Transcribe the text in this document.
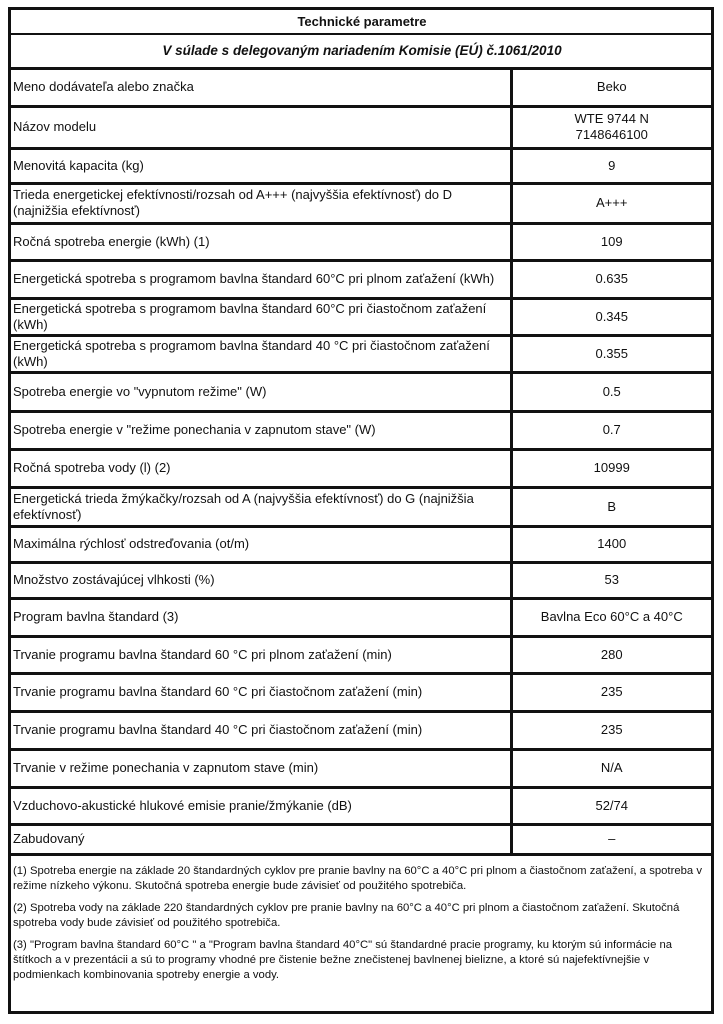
Technické parametre	
V súlade s delegovaným nariadením Komisie (EÚ) č.1061/2010	
Meno dodávateľa alebo značka	Beko
Názov modelu	WTE 9744 N
7148646100

Menovitá kapacita (kg)	9
Trieda energetickej efektívnosti/rozsah od A+++ (najvyššia efektívnosť) do D (najnižšia efektívnosť)	A+++
Ročná spotreba energie (kWh) (1)	109
Energetická spotreba s programom bavlna štandard 60°C pri plnom zaťažení (kWh)	0.635
Energetická spotreba s programom bavlna štandard 60°C pri čiastočnom zaťažení (kWh)	0.345
Energetická spotreba s programom bavlna štandard 40 °C pri čiastočnom zaťažení (kWh)	0.355
Spotreba energie vo "vypnutom režime" (W)	0.5
Spotreba energie v "režime ponechania v zapnutom stave" (W)	0.7
Ročná spotreba vody (l) (2)	10999
Energetická trieda žmýkačky/rozsah od A (najvyššia efektívnosť) do G (najnižšia efektívnosť)	B
Maximálna rýchlosť odstreďovania (ot/m)	1400
Množstvo zostávajúcej vlhkosti (%)	53
Program bavlna štandard (3)	Bavlna Eco 60°C a 40°C
Trvanie programu bavlna štandard 60 °C pri plnom zaťažení (min)	280
Trvanie programu bavlna štandard 60 °C pri čiastočnom zaťažení (min)	235
Trvanie programu bavlna štandard 40 °C pri čiastočnom zaťažení (min)	235
Trvanie v režime ponechania v zapnutom stave (min)	N/A
Vzduchovo-akustické hlukové emisie pranie/žmýkanie (dB)	52/74
Zabudovaný	–

(1) Spotreba energie na základe 20 štandardných cyklov pre pranie bavlny na 60°C a 40°C pri plnom a čiastočnom zaťažení, a spotreba v režime nízkeho výkonu. Skutočná spotreba energie bude závisieť od použitého spotrebiča.

(2) Spotreba vody na základe 220 štandardných cyklov pre pranie bavlny na 60°C a 40°C pri plnom a čiastočnom zaťažení. Skutočná spotreba vody bude závisieť od použitého spotrebiča.

(3) "Program bavlna štandard 60°C " a "Program bavlna štandard 40°C" sú štandardné pracie programy, ku ktorým sú informácie na štítkoch a v prezentácii a sú to programy vhodné pre čistenie bežne znečistenej bavlnenej bielizne, a ktoré sú najefektívnejšie v podmienkach kombinovania spotreby energie a vody.
